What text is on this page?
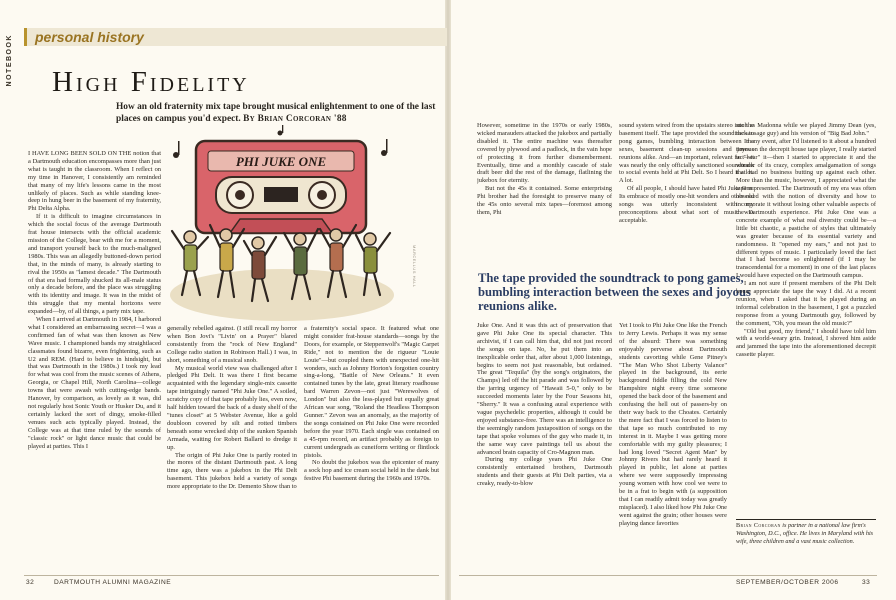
NOTEBOOK personal history
High Fidelity
How an old fraternity mix tape brought musical enlightenment to one of the last places on campus you'd expect. By Brian Corcoran '88
PHI JUKE ONE
MARCELLUS HALL

I HAVE LONG BEEN SOLD ON THE notion that a Dartmouth education encompasses more than just what is taught in the classroom. When I reflect on my time in Hanover, I consistently am reminded that many of my life's lessons came in the most unlikely of places. Such as while standing knee-deep in hung beer in the basement of my fraternity, Phi Delta Alpha.

If it is difficult to imagine circumstances in which the social focus of the average Dartmouth frat house intersects with the official academic mission of the College, bear with me for a moment, and transport yourself back to the much-maligned 1980s. This was an allegedly buttoned-down period that, in the minds of many, is already starting to rival the 1950s as "lamest decade." The Dartmouth of that era had formally shucked its all-male status only a decade before, and the place was struggling with its identity and image. It was in the midst of this struggle that my mental horizons were expanded—by, of all things, a party mix tape.

When I arrived at Dartmouth in 1984, I harbored what I considered an embarrassing secret—I was a confirmed fan of what was then known as New Wave music. I championed bands my straightlaced classmates found bizarre, even frightening, such as U2 and REM. (Hard to believe in hindsight, but that was Dartmouth in the 1980s.) I took my lead for what was cool from the music scenes of Athens, Georgia, or Chapel Hill, North Carolina—college towns that were awash with cutting-edge bands. Hanover, by comparison, as lovely as it was, did not regularly host Sonic Youth or Husker Du, and it certainly lacked the sort of dingy, smoke-filled venues such acts typically played. Instead, the College was at that time ruled by the sounds of "classic rock" or light dance music that could be played at parties. This I

generally rebelled against. (I still recall my horror when Bon Jovi's "Livin' on a Prayer" blared consistently from the "rock of New England" College radio station in Robinson Hall.) I was, in short, something of a musical snob.

My musical world view was challenged after I pledged Phi Delt. It was there I first became acquainted with the legendary single-mix cassette tape intriguingly named "Phi Juke One." A soiled, scratchy copy of that tape probably lies, even now, half hidden toward the back of a dusty shelf of the "tunes closet" at 5 Webster Avenue, like a gold doubloon covered by silt and rotted timbers beneath some wrecked ship of the sunken Spanish Armada, waiting for Robert Ballard to dredge it up.

The origin of Phi Juke One is partly rooted in the mores of the distant Dartmouth past. A long time ago, there was a jukebox in the Phi Delt basement. This jukebox held a variety of songs more appropriate to the Dr. Demento Show than to

a fraternity's social space. It featured what one might consider frat-house standards—songs by the Doors, for example, or Steppenwolf's "Magic Carpet Ride," not to mention the de rigueur "Louie Louie"—but coupled them with unexpected one-hit wonders, such as Johnny Horton's forgotten country sing-a-long, "Battle of New Orleans." It even contained tunes by the late, great literary roadhouse bard Warren Zevon—not just "Werewolves of London" but also the less-played but equally great African war song, "Roland the Headless Thompson Gunner." Zevon was an anomaly, as the majority of the songs contained on Phi Juke One were recorded before the year 1970. Each single was contained on a 45-rpm record, an artifact probably as foreign to current undergrads as cuneiform writing or flintlock pistols.

No doubt the jukebox was the epicenter of many a sock hop and ice cream social held in the dank but festive Phi basement during the 1960s and 1970s.

However, sometime in the 1970s or early 1980s, wicked marauders attacked the jukebox and partially disabled it. The entire machine was thereafter covered by plywood and a padlock, in the vain hope of protecting it from further dismemberment. Eventually, time and a monthly cascade of stale draft beer did the rest of the damage, flatlining the jukebox for eternity.

But not the 45s it contained. Some enterprising Phi brother had the foresight to preserve many of the 45s onto several mix tapes—foremost among them, Phi

sound system wired from the upstairs stereo into the basement itself. The tape provided the soundtrack to pong games, bumbling interaction between the sexes, basement clean-up sessions and joyous reunions alike. And—an important, relevant fact—it was nearly the only officially sanctioned soundtrack to social events held at Phi Delt. So I heard it a lot. A lot.

Of all people, I should have hated Phi Juke One. Its embrace of mostly one-hit wonders and other old songs was utterly inconsistent with my preconceptions about what sort of music was acceptable.

The tape provided the soundtrack to pong games, bumbling interaction between the sexes and joyous reunions alike.

Juke One. And it was this act of preservation that gave Phi Juke One its special character. This archivist, if I can call him that, did not just record the songs on tape. No, he put them into an inexplicable order that, after about 1,000 listenings, begins to seem not just reasonable, but ordained. The great "Tequila" (by the song's originators, the Champs) led off the hit parade and was followed by the jarring urgency of "Hawaii 5-0," only to be succeeded moments later by the Four Seasons hit, "Sherry." It was a confusing aural experience with vague psychedelic properties, although it could be enjoyed substance-free. There was an intelligence to the seemingly random juxtaposition of songs on the tape that spoke volumes of the guy who made it, in the same way cave paintings tell us about the advanced brain capacity of Cro-Magnon man.

During my college years Phi Juke One consistently entertained brothers, Dartmouth students and their guests at Phi Delt parties, via a creaky, ready-to-blow

Yet I took to Phi Juke One like the French to Jerry Lewis. Perhaps it was my sense of the absurd: There was something enjoyably perverse about Dartmouth students cavorting while Gene Pitney's "The Man Who Shot Liberty Valance" played in the background, its eerie background fiddle filling the cold New Hampshire night every time someone opened the back door of the basement and confusing the hell out of passers-by on their way back to the Choates. Certainly the mere fact that I was forced to listen to that tape so much contributed to my interest in it. Maybe I was getting more comfortable with my guilty pleasures; I had long loved "Secret Agent Man" by Johnny Rivers but had rarely heard it played in public, let alone at parties where we were supposedly impressing young women with how cool we were to be in a frat to begin with (a supposition that I can readily admit today was greatly misplaced). I also liked how Phi Juke One went against the grain; other houses were playing dance favorites

such as Madonna while we played Jimmy Dean (yes, the sausage guy) and his version of "Big Bad John."

In any event, after I'd listened to it about a hundred times on the decrepit house tape player, I really started to "hear" it—then I started to appreciate it and the wonder of its crazy, complex amalgamation of songs that had no business butting up against each other. More than the music, however, I appreciated what the tape represented. The Dartmouth of my era was often obsessed with the notion of diversity and how to incorporate it without losing other valuable aspects of the Dartmouth experience. Phi Juke One was a concrete example of what real diversity could be—a little bit chaotic, a pastiche of styles that ultimately was greater because of its essential variety and randomness. It "opened my ears," and not just to different types of music. I particularly loved the fact that I had become so enlightened (if I may be transcendental for a moment) in one of the last places I would have expected on the Dartmouth campus.

I am not sure if present members of the Phi Delt house appreciate the tape the way I did. At a recent reunion, when I asked that it be played during an informal celebration in the basement, I got a puzzled response from a young Dartmouth guy, followed by the comment, "Oh, you mean the old music?"

"Old but good, my friend," I should have told him with a world-weary grin. Instead, I shoved him aside and jammed the tape into the aforementioned decrepit cassette player.

Brian Corcoran is partner in a national law firm's Washington, D.C., office. He lives in Maryland with his wife, three children and a vast music collection.
32	DARTMOUTH ALUMNI MAGAZINE	SEPTEMBER/OCTOBER 2006	33
